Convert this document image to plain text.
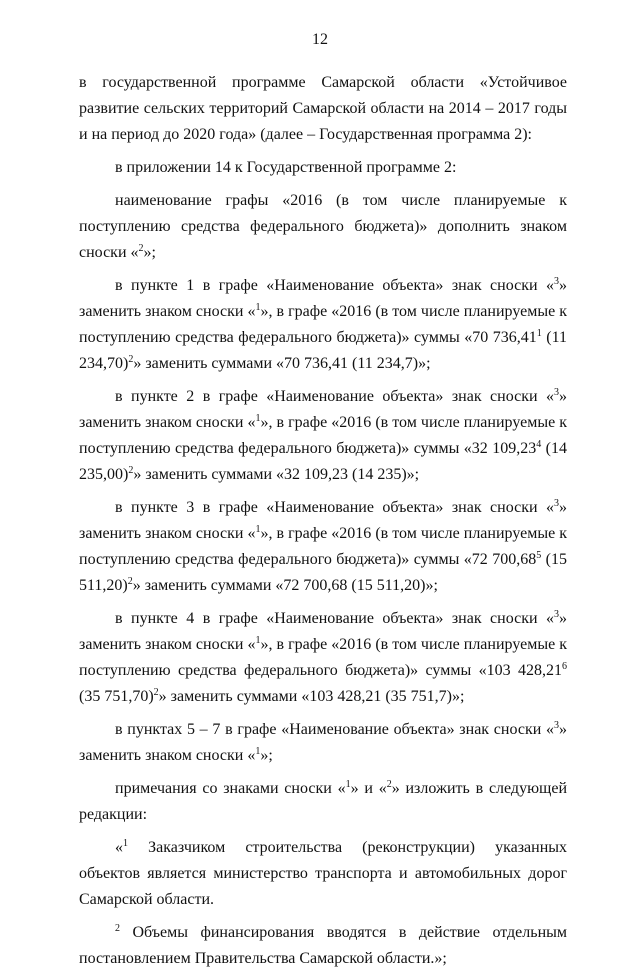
12

в государственной программе Самарской области «Устойчивое развитие сельских территорий Самарской области на 2014 – 2017 годы и на период до 2020 года» (далее – Государственная программа 2):

в приложении 14 к Государственной программе 2:

наименование графы «2016 (в том числе планируемые к поступлению средства федерального бюджета)» дополнить знаком сноски «$^2$»;

в пункте 1 в графе «Наименование объекта» знак сноски «$^3$» заменить знаком сноски «$^1$», в графе «2016 (в том числе планируемые к поступлению средства федерального бюджета)» суммы «70 736,41$^1$ (11 234,70)$^2$» заменить суммами «70 736,41 (11 234,7)»;

в пункте 2 в графе «Наименование объекта» знак сноски «$^3$» заменить знаком сноски «$^1$», в графе «2016 (в том числе планируемые к поступлению средства федерального бюджета)» суммы «32 109,23$^4$ (14 235,00)$^2$» заменить суммами «32 109,23 (14 235)»;

в пункте 3 в графе «Наименование объекта» знак сноски «$^3$» заменить знаком сноски «$^1$», в графе «2016 (в том числе планируемые к поступлению средства федерального бюджета)» суммы «72 700,68$^5$ (15 511,20)$^2$» заменить суммами «72 700,68 (15 511,20)»;

в пункте 4 в графе «Наименование объекта» знак сноски «$^3$» заменить знаком сноски «$^1$», в графе «2016 (в том числе планируемые к поступлению средства федерального бюджета)» суммы «103 428,21$^6$ (35 751,70)$^2$» заменить суммами «103 428,21 (35 751,7)»;

в пунктах 5 – 7 в графе «Наименование объекта» знак сноски «$^3$» заменить знаком сноски «$^1$»;

примечания со знаками сноски «$^1$» и «$^2$» изложить в следующей редакции:

«$^1$ Заказчиком строительства (реконструкции) указанных объектов является министерство транспорта и автомобильных дорог Самарской области.

$^2$ Объемы финансирования вводятся в действие отдельным постановлением Правительства Самарской области.»;
